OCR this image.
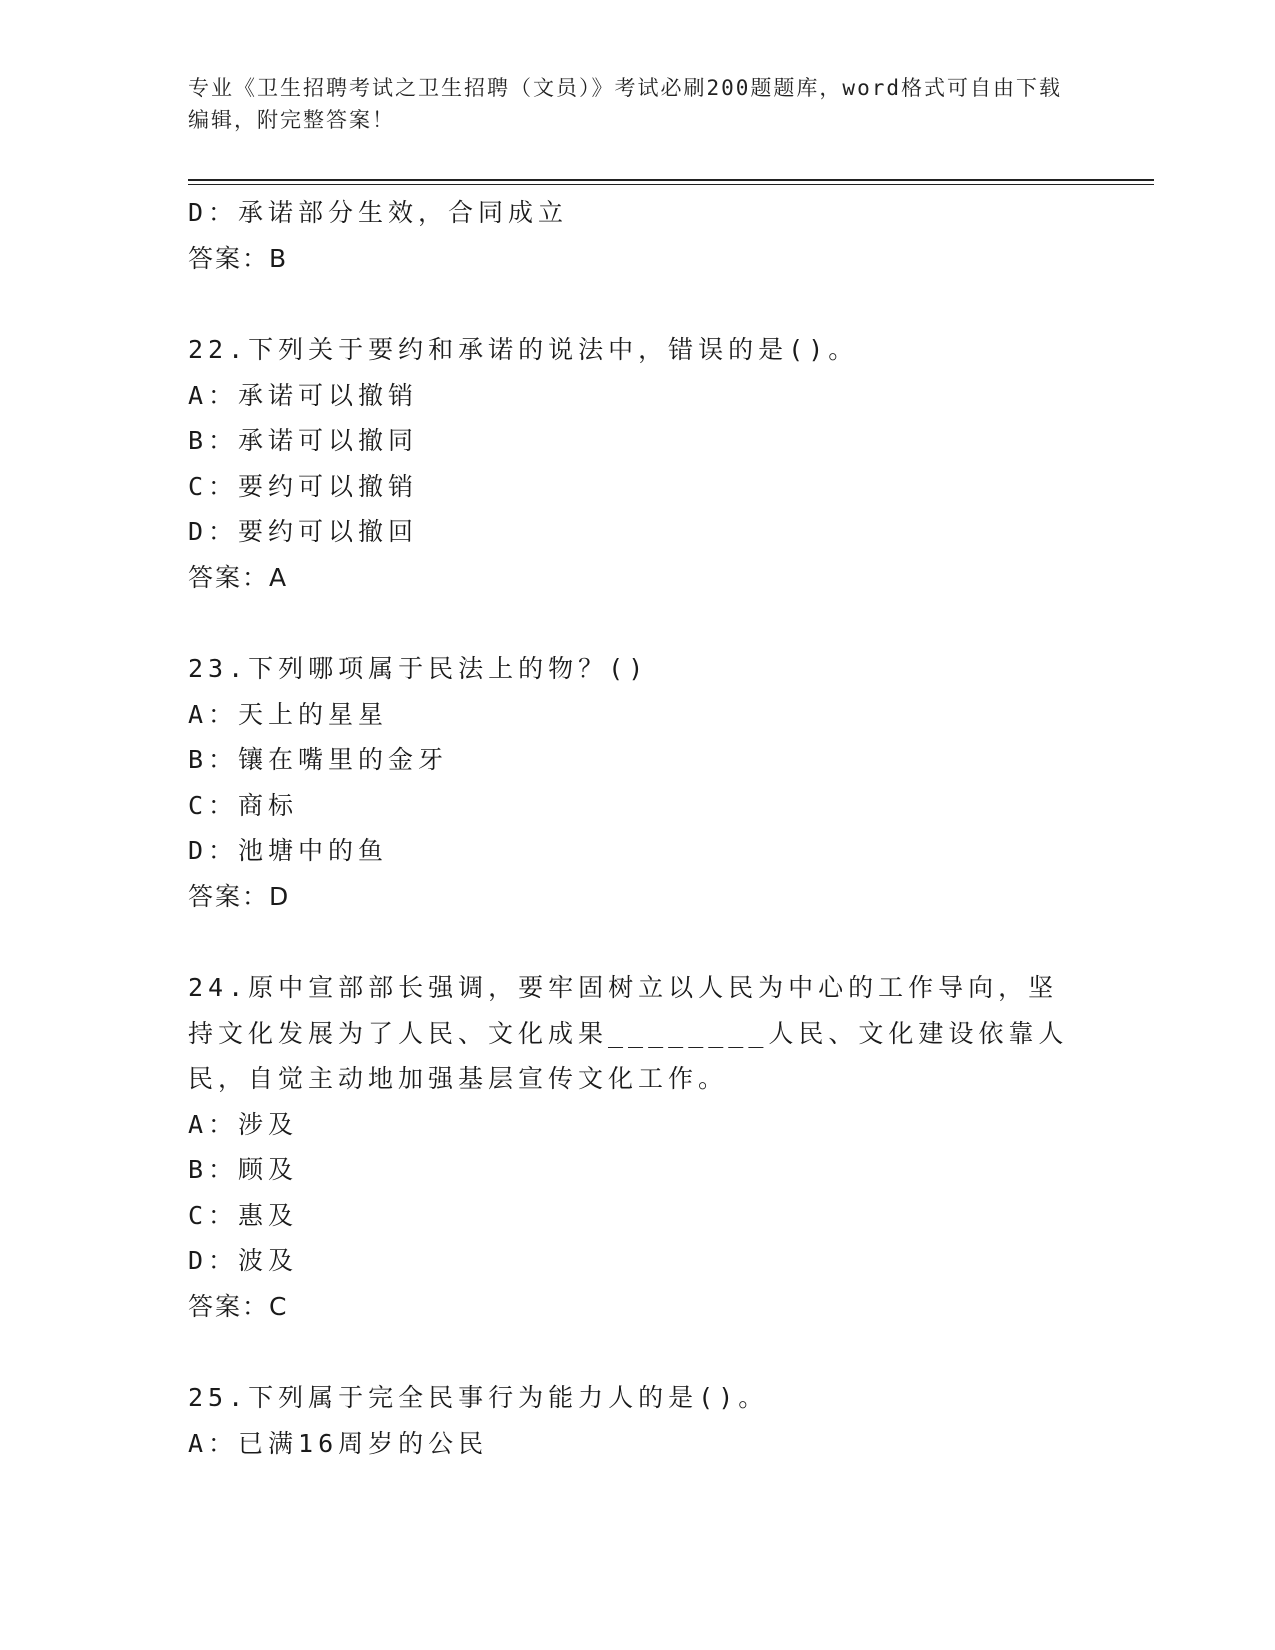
专业《卫生招聘考试之卫生招聘（文员）》考试必刷200题题库，word格式可自由下载编辑，附完整答案！
D：承诺部分生效，合同成立
答案：B
22.下列关于要约和承诺的说法中，错误的是()。
A：承诺可以撤销
B：承诺可以撤同
C：要约可以撤销
D：要约可以撤回
答案：A
23.下列哪项属于民法上的物？()
A：天上的星星
B：镶在嘴里的金牙
C：商标
D：池塘中的鱼
答案：D
24.原中宣部部长强调，要牢固树立以人民为中心的工作导向，坚持文化发展为了人民、文化成果________人民、文化建设依靠人民，自觉主动地加强基层宣传文化工作。
A：涉及
B：顾及
C：惠及
D：波及
答案：C
25.下列属于完全民事行为能力人的是()。
A：已满16周岁的公民
